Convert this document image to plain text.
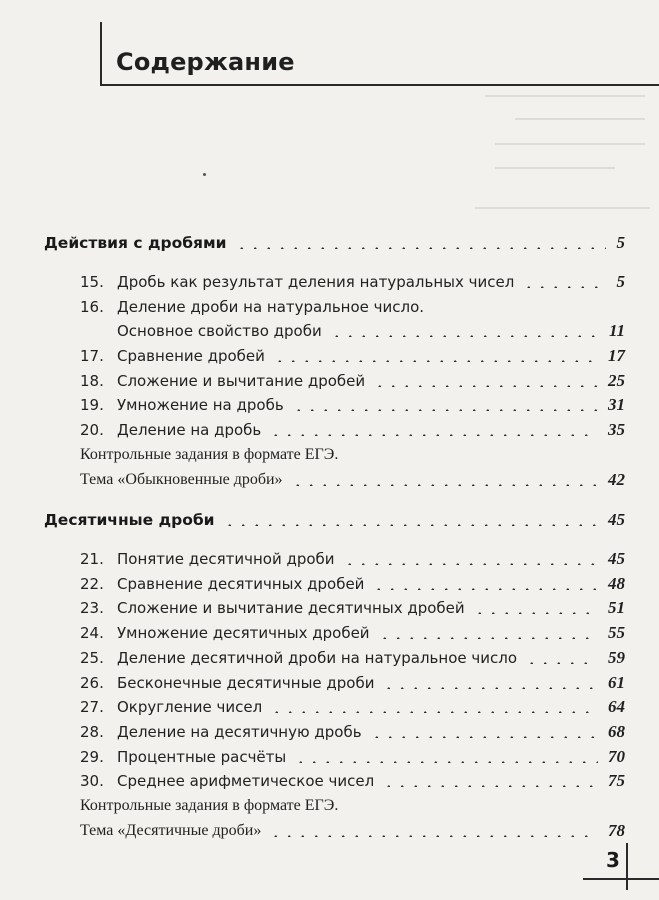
Содержание
Действия с дробями	5
15. Дробь как результат деления натуральных чисел	5
16. Деление дроби на натуральное число.
Основное свойство дроби	11
17. Сравнение дробей	17
18. Сложение и вычитание дробей	25
19. Умножение на дробь	31
20. Деление на дробь	35
Контрольные задания в формате ЕГЭ.
Тема «Обыкновенные дроби»	42
Десятичные дроби	45
21. Понятие десятичной дроби	45
22. Сравнение десятичных дробей	48
23. Сложение и вычитание десятичных дробей	51
24. Умножение десятичных дробей	55
25. Деление десятичной дроби на натуральное число	59
26. Бесконечные десятичные дроби	61
27. Округление чисел	64
28. Деление на десятичную дробь	68
29. Процентные расчёты	70
30. Среднее арифметическое чисел	75
Контрольные задания в формате ЕГЭ.
Тема «Десятичные дроби»	78
3
